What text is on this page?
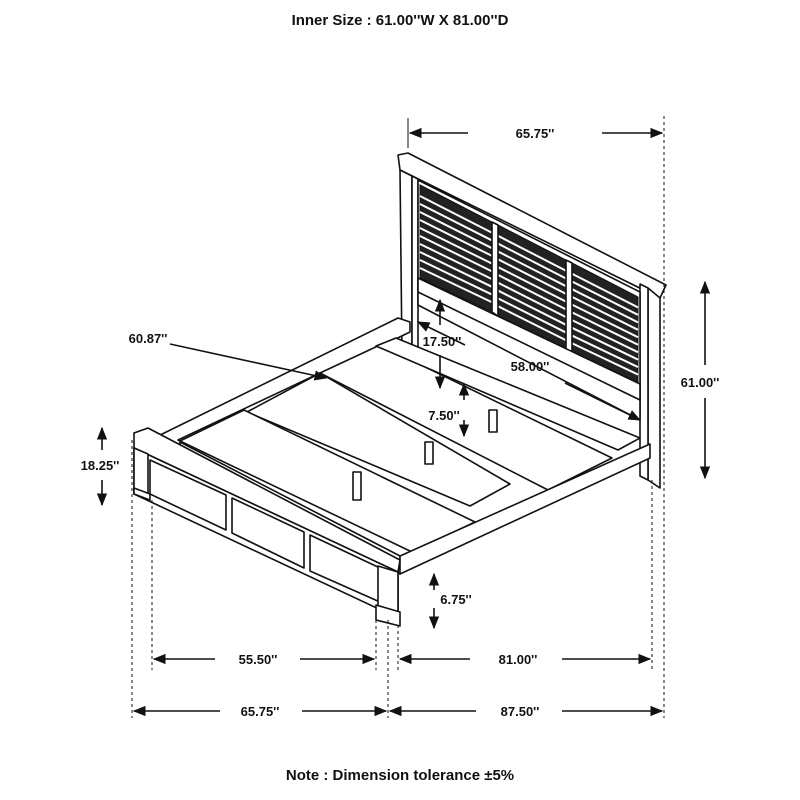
Inner Size : 61.00''W X 81.00''D
65.75''
17.50''
58.00''
60.87''
61.00''
7.50''
18.25''
6.75''
55.50''	81.00''
65.75''	87.50''
Note : Dimension tolerance ±5%
